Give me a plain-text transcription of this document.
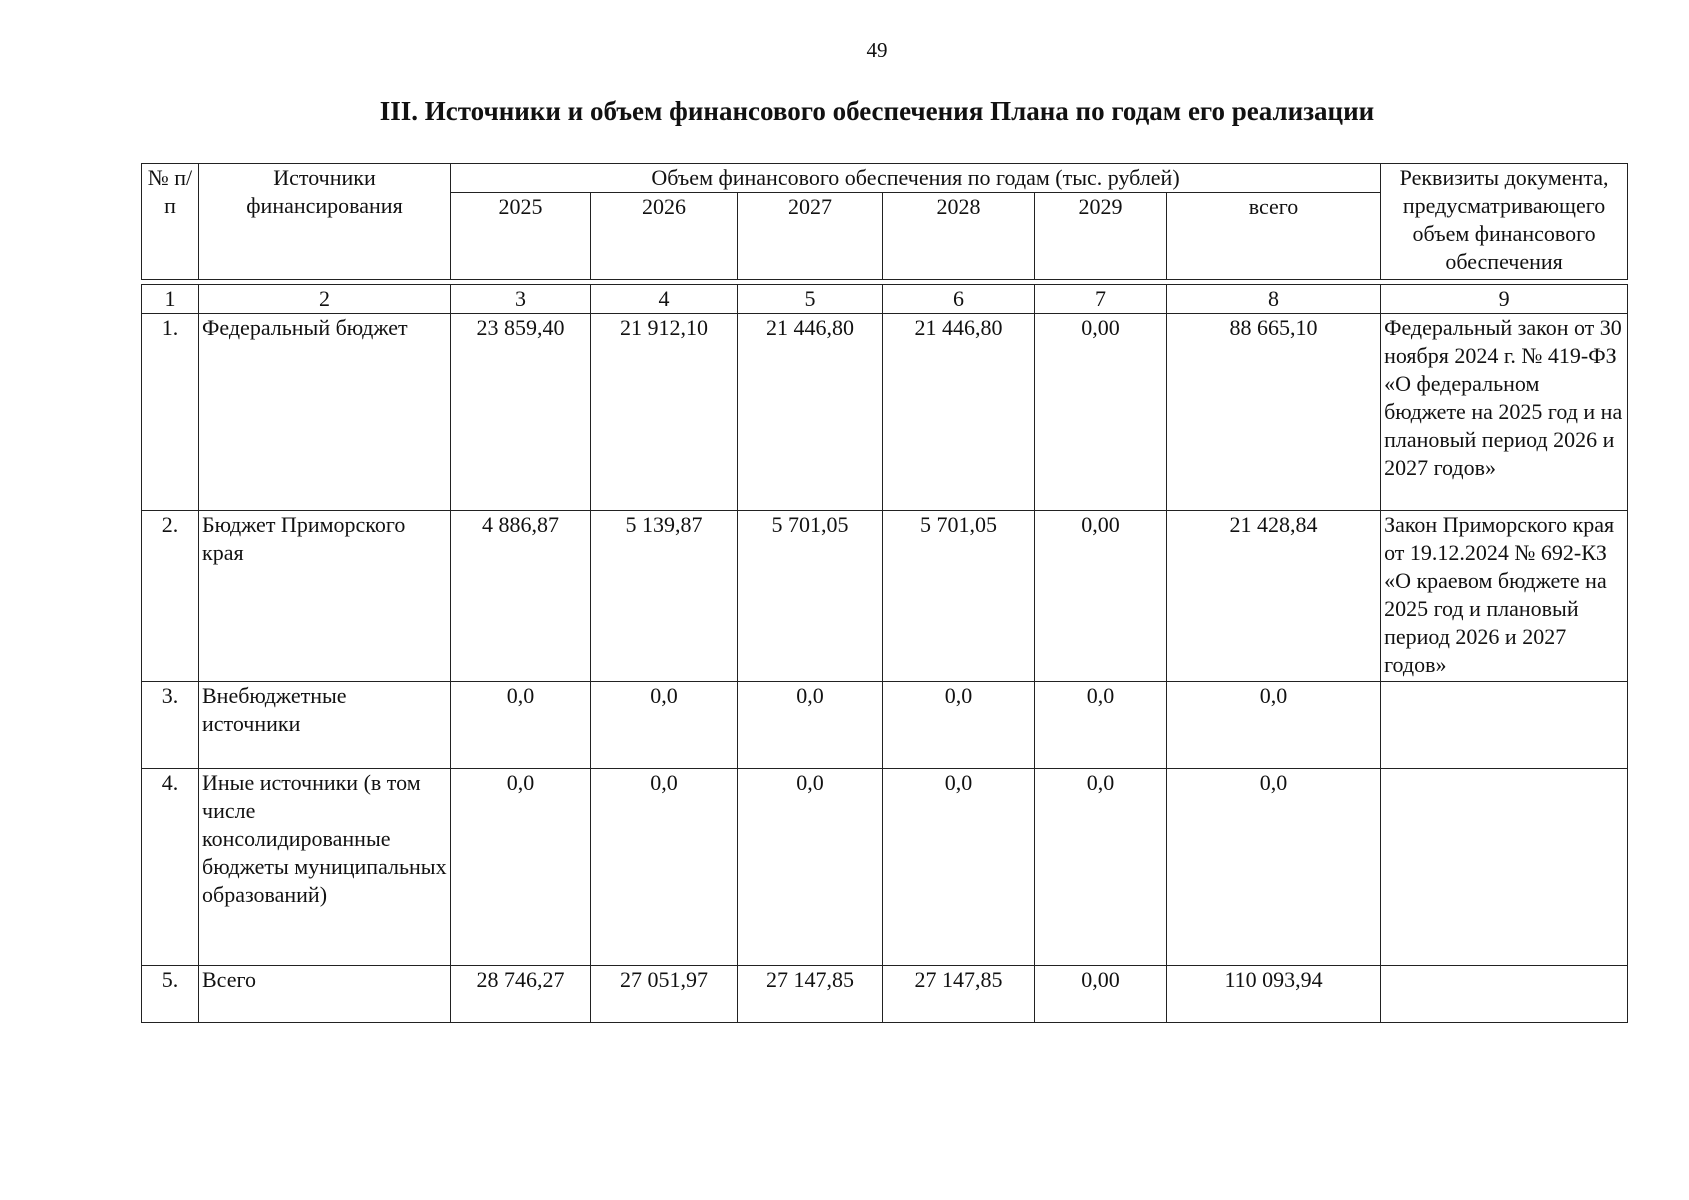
49
III. Источники и объем финансового обеспечения Плана по годам его реализации
№ п/п	Источники финансирования	Объем финансового обеспечения по годам (тыс. рублей)						Реквизиты документа, предусматривающего объем финансового обеспечения
		2025	2026	2027	2028	2029	всего	

1	2	3	4	5	6	7	8	9
1.	Федеральный бюджет	23 859,40	21 912,10	21 446,80	21 446,80	0,00	88 665,10	Федеральный закон от 30 ноября 2024 г. № 419-ФЗ «О федеральном бюджете на 2025 год и на плановый период 2026 и 2027 годов»
2.	Бюджет Приморского края	4 886,87	5 139,87	5 701,05	5 701,05	0,00	21 428,84	Закон Приморского края от 19.12.2024 № 692-КЗ «О краевом бюджете на 2025 год и плановый период 2026 и 2027 годов»
3.	Внебюджетные источники	0,0	0,0	0,0	0,0	0,0	0,0	
4.	Иные источники (в том числе консолидированные бюджеты муниципальных образований)	0,0	0,0	0,0	0,0	0,0	0,0	
5.	Всего	28 746,27	27 051,97	27 147,85	27 147,85	0,00	110 093,94	
